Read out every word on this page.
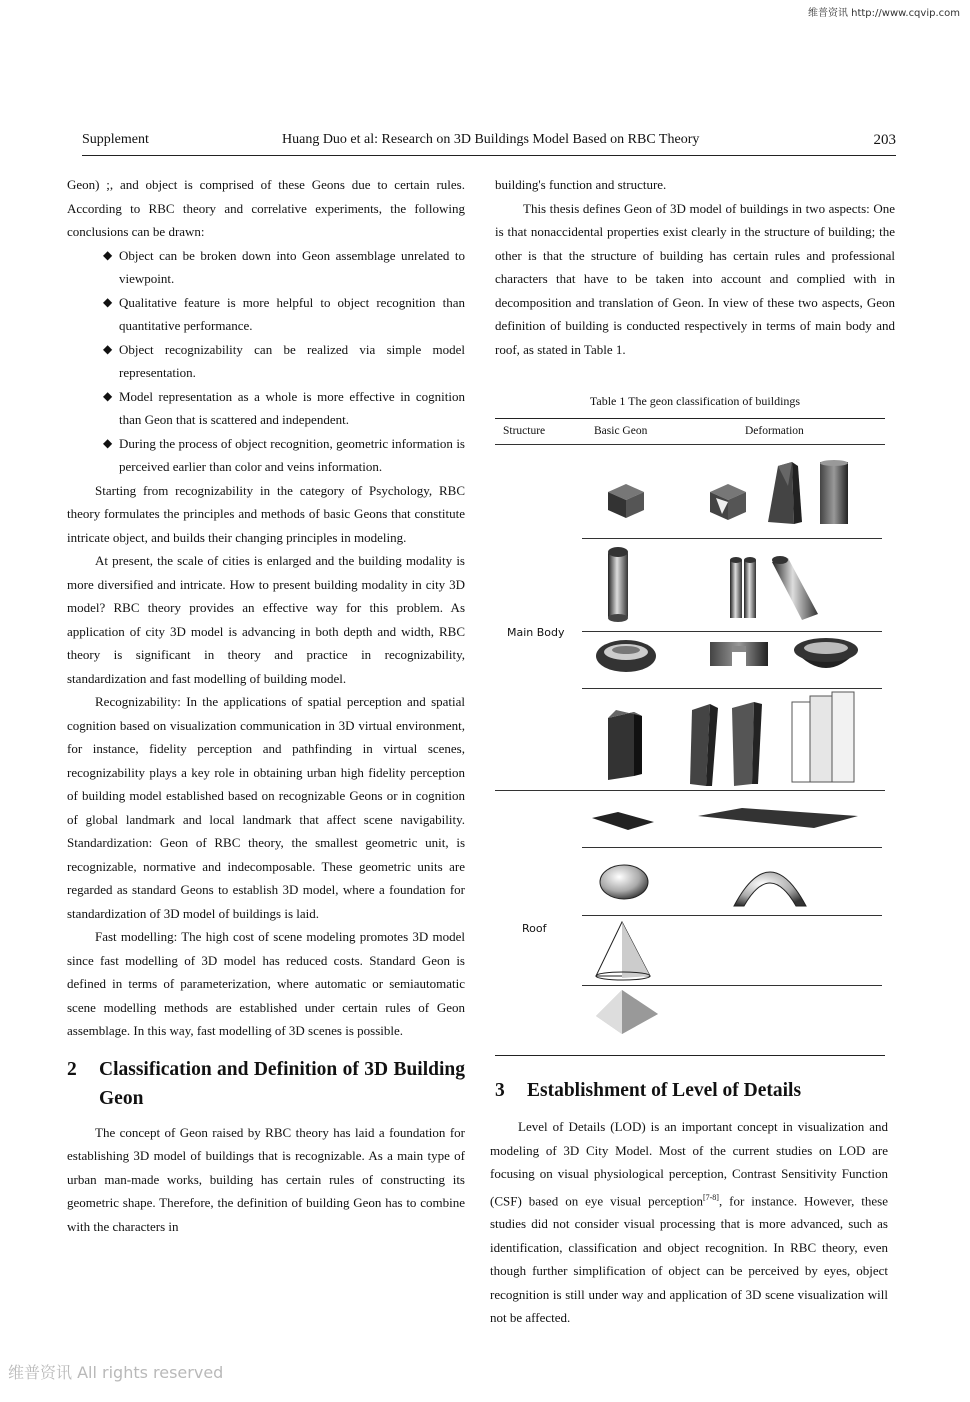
维普资讯 http://www.cqvip.com
Supplement	Huang Duo et al: Research on 3D Buildings Model Based on RBC Theory	203

Geon) ;, and object is comprised of these Geons due to certain rules. According to RBC theory and correlative experiments, the following conclusions can be drawn:

◆ Object can be broken down into Geon assemblage unrelated to viewpoint.
◆ Qualitative feature is more helpful to object recognition than quantitative performance.
◆ Object recognizability can be realized via simple model representation.
◆ Model representation as a whole is more effective in cognition than Geon that is scattered and independent.
◆ During the process of object recognition, geometric information is perceived earlier than color and veins information.

Starting from recognizability in the category of Psychology, RBC theory formulates the principles and methods of basic Geons that constitute intricate object, and builds their changing principles in modeling.

At present, the scale of cities is enlarged and the building modality is more diversified and intricate. How to present building modality in city 3D model? RBC theory provides an effective way for this problem. As application of city 3D model is advancing in both depth and width, RBC theory is significant in theory and practice in recognizability, standardization and fast modelling of building model.

Recognizability: In the applications of spatial perception and spatial cognition based on visualization communication in 3D virtual environment, for instance, fidelity perception and pathfinding in virtual scenes, recognizability plays a key role in obtaining urban high fidelity perception of building model established based on recognizable Geons or in cognition of global landmark and local landmark that affect scene navigability. Standardization: Geon of RBC theory, the smallest geometric unit, is recognizable, normative and indecomposable. These geometric units are regarded as standard Geons to establish 3D model, where a foundation for standardization of 3D model of buildings is laid.

Fast modelling: The high cost of scene modeling promotes 3D model since fast modelling of 3D model has reduced costs. Standard Geon is defined in terms of parameterization, where automatic or semiautomatic scene modelling methods are established under certain rules of Geon assemblage. In this way, fast modelling of 3D scenes is possible.

2 Classification and Definition of 3D Building Geon

The concept of Geon raised by RBC theory has laid a foundation for establishing 3D model of buildings that is recognizable. As a main type of urban man-made works, building has certain rules of constructing its geometric shape. Therefore, the definition of building Geon has to combine with the characters in

building's function and structure.

This thesis defines Geon of 3D model of buildings in two aspects: One is that nonaccidental properties exist clearly in the structure of building; the other is that the structure of building has certain rules and professional characters that have to be taken into account and complied with in decomposition and translation of Geon. In view of these two aspects, Geon definition of building is conducted respectively in terms of main body and roof, as stated in Table 1.

Table 1 The geon classification of buildings
Structure	Basic Geon	Deformation
Main Body
Roof
3 Establishment of Level of Details

Level of Details (LOD) is an important concept in visualization and modeling of 3D City Model. Most of the current studies on LOD are focusing on visual physiological perception, Contrast Sensitivity Function (CSF) based on eye visual perception[7-8], for instance. However, these studies did not consider visual processing that is more advanced, such as identification, classification and object recognition. In RBC theory, even though further simplification of object can be perceived by eyes, object recognition is still under way and application of 3D scene visualization will not be affected.

维普资讯 All rights reserved
